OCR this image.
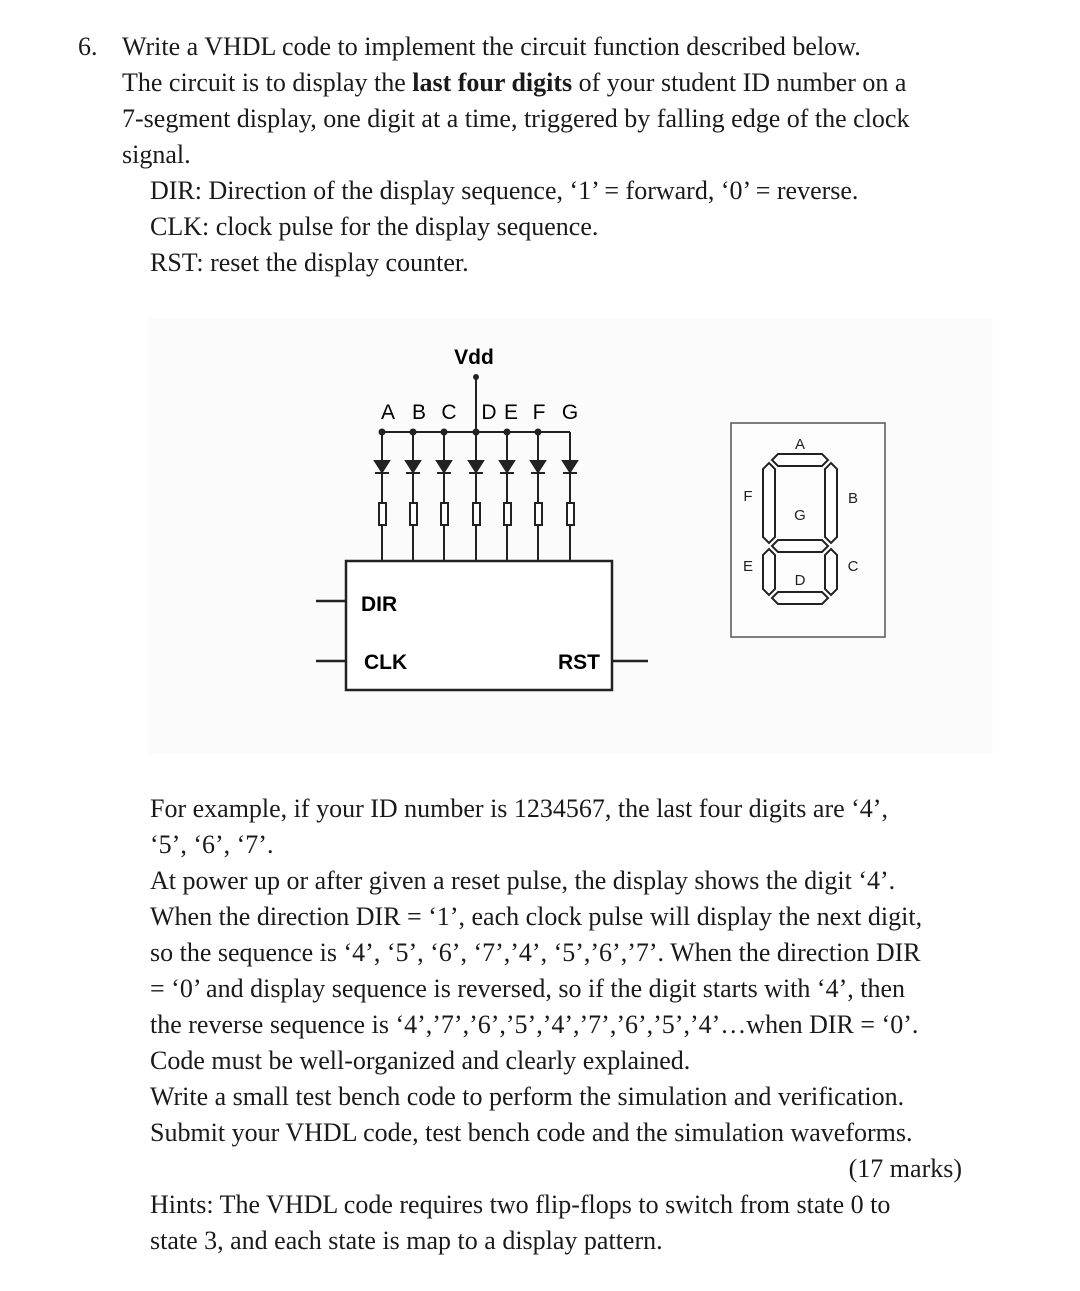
6. Write a VHDL code to implement the circuit function described below.
The circuit is to display the last four digits of your student ID number on a
7-segment display, one digit at a time, triggered by falling edge of the clock
signal.
DIR: Direction of the display sequence, ‘1’ = forward, ‘0’ = reverse.
CLK: clock pulse for the display sequence.
RST: reset the display counter.
Vdd
A B C D E F G
DIR
CLK	RST
A
B
C
D
E
F
G
For example, if your ID number is 1234567, the last four digits are ‘4’,
‘5’, ‘6’, ‘7’.
At power up or after given a reset pulse, the display shows the digit ‘4’.
When the direction DIR = ‘1’, each clock pulse will display the next digit,
so the sequence is ‘4’, ‘5’, ‘6’, ‘7’,’4’, ‘5’,’6’,’7’. When the direction DIR
= ‘0’ and display sequence is reversed, so if the digit starts with ‘4’, then
the reverse sequence is ‘4’,’7’,’6’,’5’,’4’,’7’,’6’,’5’,’4’…when DIR = ‘0’.
Code must be well-organized and clearly explained.
Write a small test bench code to perform the simulation and verification.
Submit your VHDL code, test bench code and the simulation waveforms.
(17 marks)
Hints: The VHDL code requires two flip-flops to switch from state 0 to
state 3, and each state is map to a display pattern.
